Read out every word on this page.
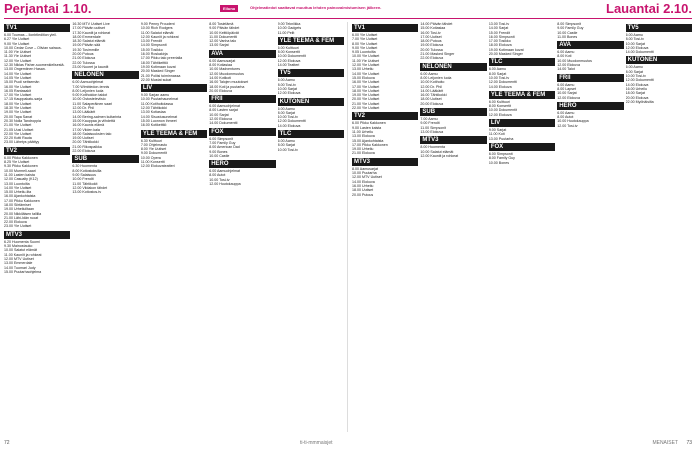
Perjantai 1.10.	Eiluno	Ohjelmatiedot saattavat muuttua lehden painovalmistumisen jälkeen.	Lauantai 2.10.
TV1
6.00 Toumas – Ilonbtledition yleil.
6.27 Yle Uutiset
9.00 Yle Uutiset
10.00 Cedar Cove – Olivian sairaus.
11.00 Yle Uutiset
11.30 Yle Uutiset
12.00 Yle Uutiset
12.30 Niklas Fisher-suomenkielisestä.
13.00 Ongemiinen Hasan.
14.00 Yle Uutiset
14.05 Yle Uutiset
15.00 Puoli seitsemän
16.00 Yle Uutiset
16.05 Rantasakit
17.00 Yle Uutiset
17.15 Kauppakatu-sarja
18.00 Yle Uutiset
18.30 Yle Uutiset
19.00 Yle Uutiset
20.00 Tapa Sanat
20.30 Nolla Tandroppia
21.00 Yle Uutiset
21.05 Uusi Uutiset
22.00 Yle Uutiset
22.20 Kotti Rauta
23.00 Lähetys päättyy
TV2
6.00 Pikku Kakkonen
8.25 Yle Uutiset
9.30 Pikku Kakkonen
10.00 Murmeli-saari
11.00 Lasten kaista
12.00 Casualty (K12)
13.00 Luontoilta
14.00 Yle Uutiset
15.00 Urheilu-ilta
16.00 Ajankohtaista
17.00 Pikku Kakkonen
18.00 Siirtämiset
19.00 Urheiluiltaan
20.00 Nikkiläisen tallilla
21.00 Lähi-Idän ruoat
22.00 Elokuva
23.00 Yle Uutiset
MTV3
6.20 Huomenta Suomi
9.30 Mainostauko
10.00 Salatut elämät
11.00 Kauniit ja rohkeat
12.00 MTV Uutiset
13.00 Emmerdale
14.00 Tuomari Judy
15.00 Puutarhaohjelma
16.30 MTV Uutiset Live
17.00 Päivän uutiset
17.30 Kauniit ja rohkeat
18.00 Emmerdale
18.30 Salatut elämät
19.00 Päivän sää
19.30 Tosimmille
20.00 Putous
21.00 Elokuva
22.00 Tulossa
23.00 Nuoret ja kauniit
NELONEN
6.00 Aamuohjelmat
7.00 Wimbledon-tennis
8.00 Leijonien luola
9.00 Kotihoidon taidot
10.00 Ostosteleviisio
11.00 Salaperäinen saari
12.00 Dr. Phil
13.00 Lääkärit
14.00 Bering-salmen kultarinta
15.00 Kauppaa ja viihdettä
16.00 Kaunis elämä
17.00 Viiden kala
18.00 Salaisuuksien talo
19.00 Uutiset
20.00 Tähtikokki
21.00 Rikospaikka
22.00 Elokuva
SUB
6.30 Huomenta
8.00 Kotiostoksilla
9.00 Salaisuus
10.00 Frendit
11.00 Tähtikokit
12.00 Viidakon tähdet
13.00 Kotiostos-tv
9.00 Penny Proudent
10.00 Rich Rodgers
11.00 Salatut elämät
12.00 Kauniit ja rohkeat
13.00 Frendit
14.00 Simpsonit
15.00 Tosikko
16.00 Roskakirja
17.00 Pikku talo preerialla
18.00 Tähtikeittiö
19.00 Kotimaan kuvat
20.00 Masked Singer
21.00 Poliisi toiminnassa
22.00 Mustat sukat
LIV
9.00 Sarjan aamu
10.00 Puutarhaunelmat
11.00 Kotihoitolassa
12.00 Tähtikokki
13.00 Kotiasiaa
14.00 Sisustusunelmat
15.00 Luonnon ihmeet
16.00 Kotikeittiö
YLE TEEMA & FEM
6.30 Kulttuuri
7.00 Ohjelmasto
8.00 Yle Uutiset
9.00 Dokumentit
10.00 Opera
11.00 Konsertti
12.00 Elokuvateatteri
8.00 Tosielämä
9.00 Päivän tähdet
10.00 Keittiöpäivät
11.00 Dokumentti
12.00 Vanha talo
13.00 Sarjat
AVA
6.00 Aamusarjat
8.00 Kotiasiaa
10.00 Madventures
12.00 Muodonmuutos
14.00 Kotikoti
16.00 Talojen muutokset
18.00 Koti ja puutarha
20.00 Elokuva
FRII
6.00 Aamuohjelmat
8.00 Lasten sarjat
10.00 Sarjat
12.00 Elokuva
14.00 Dokumentti
FOX
6.00 Simpsonit
7.00 Family Guy
8.00 American Dad
9.00 Bones
10.00 Castle
HERO
6.00 Aamuohjelmat
8.00 Autot
10.00 Tosi-tv
12.00 Huutokauppa
9.00 Tekniikka
10.00 Gadgets
11.00 Pelit
YLE TEEMA & FEM
6.00 Kulttuuri
8.00 Konsertit
10.00 Dokumentit
12.00 Elokuva
14.00 Teatteri
TV5
6.00 Aamu
8.00 Tosi-tv
10.00 Sarjat
12.00 Elokuva
KUTONEN
6.00 Aamu
8.00 Sarjat
10.00 Tosi-tv
12.00 Dokumentti
14.00 Elokuva
TLC
6.00 Aamu
8.00 Sarjat
10.00 Tosi-tv
TV1
6.00 Yle Uutiset
7.00 Yle Uutiset
8.00 Yle Uutiset
9.00 Yle Uutiset
9.05 Luontoilta
10.00 Yle Uutiset
11.00 Yle Uutiset
12.00 Yle Uutiset
13.00 Urheilu
14.00 Yle Uutiset
15.00 Elokuva
16.00 Yle Uutiset
17.00 Yle Uutiset
18.00 Yle Uutiset
19.00 Yle Uutiset
20.00 Yle Uutiset
21.00 Yle Uutiset
22.00 Yle Uutiset
TV2
6.00 Pikku Kakkonen
9.00 Lasten kaista
11.00 Urheilu
13.00 Elokuva
15.00 Ajankohtaista
17.00 Pikku Kakkonen
19.00 Urheilu
21.00 Elokuva
MTV3
8.00 Aamusarjat
10.00 Puutarha
12.00 MTV Uutiset
14.00 Elokuva
16.00 Urheilu
18.00 Uutiset
20.00 Putous
14.00 Päivän tähdet
15.00 Kotiasiaa
16.00 Tosi-tv
17.00 Uutiset
18.00 Putous
19.00 Elokuva
20.00 Tulossa
21.00 Masked Singer
22.00 Elokuva
NELONEN
6.00 Aamu
8.00 Leijonien luola
10.00 Kotihoito
12.00 Dr. Phil
14.00 Lääkärit
16.00 Tähtikokki
18.00 Uutiset
20.00 Elokuva
SUB
7.00 Aamu
9.00 Frendit
11.00 Simpsonit
13.00 Elokuva
MTV3
8.00 Huomenta
10.00 Salatut elämät
12.00 Kauniit ja rohkeat
13.00 Tosi-tv
14.00 Sarjat
15.00 Frendit
16.00 Simpsonit
17.00 Tosikko
18.00 Elokuva
19.00 Kotimaan kuvat
20.00 Masked Singer
TLC
6.00 Aamu
8.00 Sarjat
10.00 Tosi-tv
12.00 Dokumentti
14.00 Elokuva
YLE TEEMA & FEM
6.00 Kulttuuri
8.00 Konsertit
10.00 Dokumentit
12.00 Elokuva
LIV
9.00 Sarjat
11.00 Koti
13.00 Puutarha
FOX
6.00 Simpsonit
8.00 Family Guy
10.00 Bones
8.00 Simpsonit
9.00 Family Guy
10.00 Castle
11.00 Bones
AVA
6.00 Aamu
8.00 Koti
10.00 Muodonmuutos
12.00 Elokuva
14.00 Talot
FRII
6.00 Aamu
8.00 Lapset
10.00 Sarjat
12.00 Elokuva
HERO
6.00 Aamu
8.00 Autot
10.00 Huutokauppa
12.00 Tosi-tv
TV5
6.00 Aamu
8.00 Tosi-tv
10.00 Sarjat
12.00 Elokuva
14.00 Dokumentti
KUTONEN
6.00 Aamu
8.00 Sarjat
10.00 Tosi-tv
12.00 Dokumentti
14.00 Elokuva
16.00 Urheilu
18.00 Sarjat
20.00 Elokuva
22.00 Myöhäisilta
72	ti-ti-mmmaisjet	MENAISET 73
